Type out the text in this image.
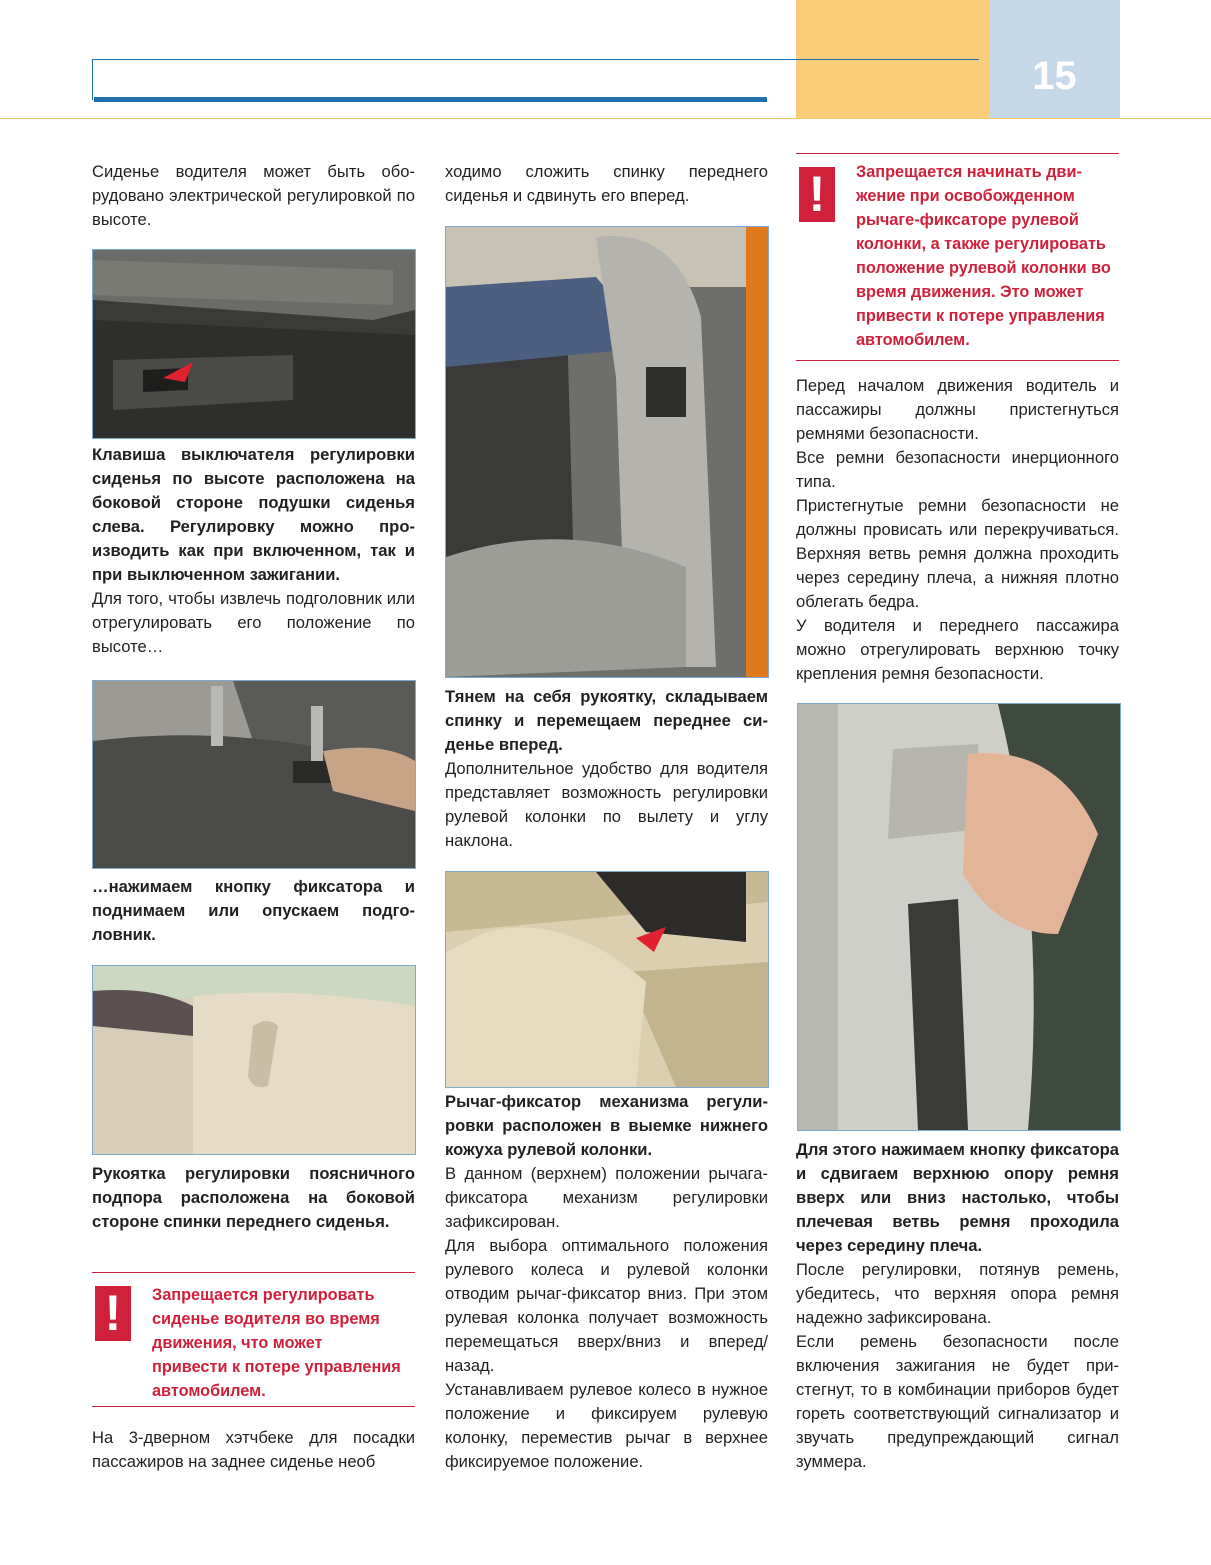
15

Сиденье водителя может быть оборудовано электрической регулировкой по высоте.

Клавиша выключателя регулировки сиденья по высоте расположена на боковой стороне подушки сиденья слева. Регулировку можно производить как при включенном, так и при выключенном зажигании.

Для того, чтобы извлечь подголовник или отрегулировать его положение по высоте…

…нажимаем кнопку фиксатора и поднимаем или опускаем подголовник.

Рукоятка регулировки поясничного подпора расположена на боковой стороне спинки переднего сиденья.

!	Запрещается регулировать сиденье водителя во время движения, что может привести к потере управления автомобилем.

На 3-дверном хэтчбеке для посадки пассажиров на заднее сиденье необ

ходимо сложить спинку переднего сиденья и сдвинуть его вперед.

Тянем на себя рукоятку, складываем спинку и перемещаем переднее сиденье вперед.

Дополнительное удобство для водителя представляет возможность регулировки рулевой колонки по вылету и углу наклона.

Рычаг-фиксатор механизма регулировки расположен в выемке нижнего кожуха рулевой колонки.

В данном (верхнем) положении рычага-фиксатора механизм регулировки зафиксирован.

Для выбора оптимального положения рулевого колеса и рулевой колонки отводим рычаг-фиксатор вниз. При этом рулевая колонка получает возможность перемещаться вверх/вниз и вперед/назад.

Устанавливаем рулевое колесо в нужное положение и фиксируем рулевую колонку, переместив рычаг в верхнее фиксируемое положение.

!	Запрещается начинать движение при освобожденном рычаге-фиксаторе рулевой колонки, а также регулировать положение рулевой колонки во время движения. Это может привести к потере управления автомобилем.

Перед началом движения водитель и пассажиры должны пристегнуться ремнями безопасности.

Все ремни безопасности инерционного типа.

Пристегнутые ремни безопасности не должны провисать или перекручиваться. Верхняя ветвь ремня должна проходить через середину плеча, а нижняя плотно облегать бедра.

У водителя и переднего пассажира можно отрегулировать верхнюю точку крепления ремня безопасности.

Для этого нажимаем кнопку фиксатора и сдвигаем верхнюю опору ремня вверх или вниз настолько, чтобы плечевая ветвь ремня проходила через середину плеча.

После регулировки, потянув ремень, убедитесь, что верхняя опора ремня надежно зафиксирована.

Если ремень безопасности после включения зажигания не будет пристегнут, то в комбинации приборов будет гореть соответствующий сигнализатор и звучать предупреждающий сигнал зуммера.
